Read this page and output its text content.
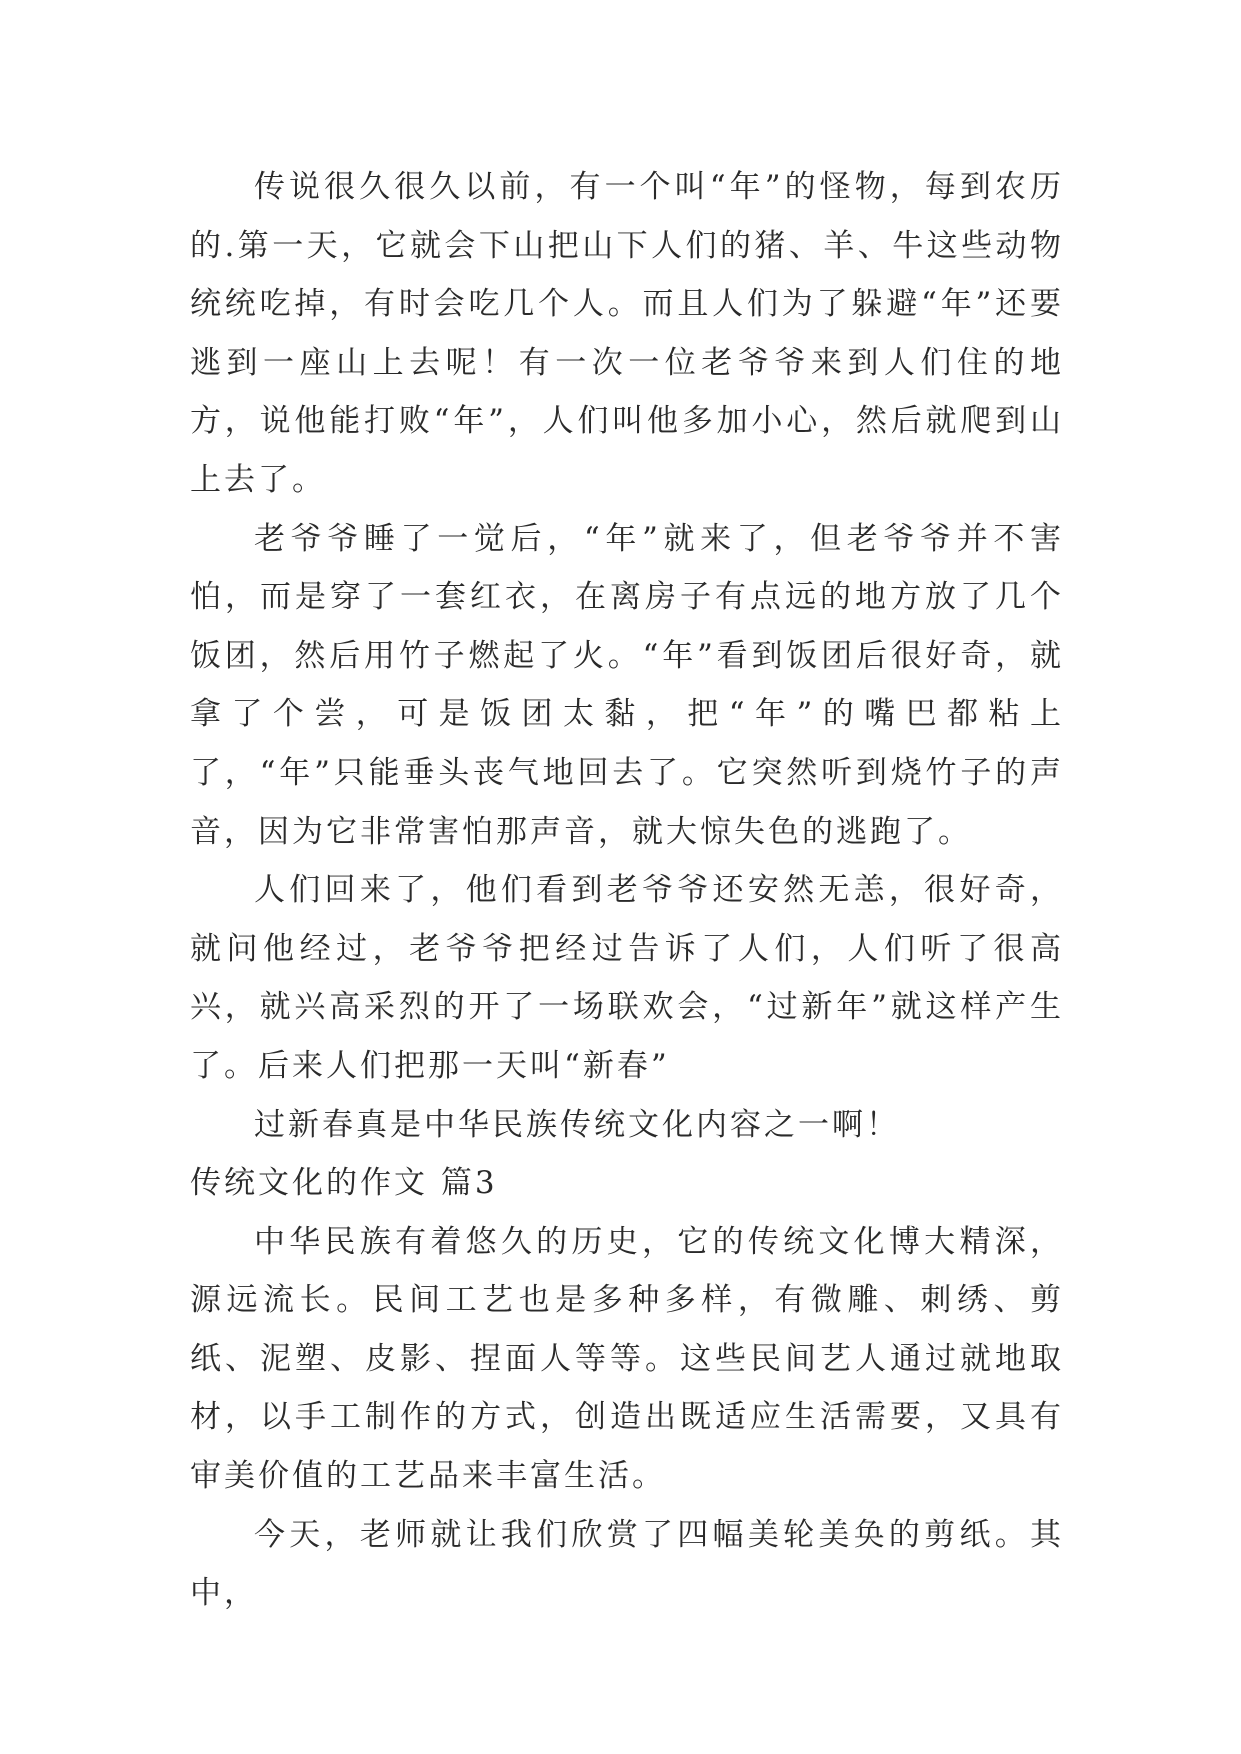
传说很久很久以前，有一个叫“年”的怪物，每到农历的.第一天，它就会下山把山下人们的猪、羊、牛这些动物统统吃掉，有时会吃几个人。而且人们为了躲避“年”还要逃到一座山上去呢！有一次一位老爷爷来到人们住的地方，说他能打败“年”，人们叫他多加小心，然后就爬到山上去了。

老爷爷睡了一觉后，“年”就来了，但老爷爷并不害怕，而是穿了一套红衣，在离房子有点远的地方放了几个饭团，然后用竹子燃起了火。“年”看到饭团后很好奇，就拿了个尝，可是饭团太黏，把“年”的嘴巴都粘上了，“年”只能垂头丧气地回去了。它突然听到烧竹子的声音，因为它非常害怕那声音，就大惊失色的逃跑了。

人们回来了，他们看到老爷爷还安然无恙，很好奇，就问他经过，老爷爷把经过告诉了人们，人们听了很高兴，就兴高采烈的开了一场联欢会，“过新年”就这样产生了。后来人们把那一天叫“新春”

过新春真是中华民族传统文化内容之一啊！

传统文化的作文 篇3

中华民族有着悠久的历史，它的传统文化博大精深，源远流长。民间工艺也是多种多样，有微雕、刺绣、剪纸、泥塑、皮影、捏面人等等。这些民间艺人通过就地取材，以手工制作的方式，创造出既适应生活需要，又具有审美价值的工艺品来丰富生活。

今天，老师就让我们欣赏了四幅美轮美奂的剪纸。其中，
